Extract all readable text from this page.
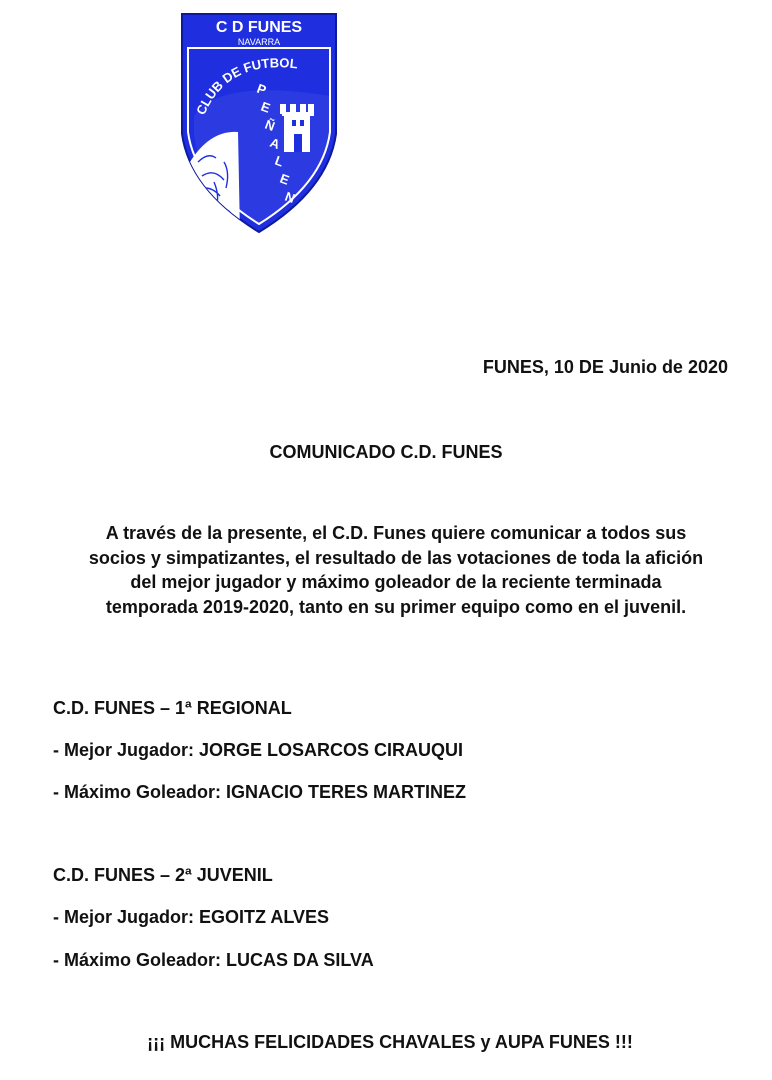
C D FUNES
NAVARRA
CLUB DE FUTBOL
P
E
Ñ
A
L
E
N

FUNES, 10 DE Junio de 2020

COMUNICADO C.D. FUNES

A través de la presente, el C.D. Funes quiere comunicar a todos sus
socios y simpatizantes, el resultado de las votaciones de toda la afición
del mejor jugador y máximo goleador de la reciente terminada
temporada 2019-2020, tanto en su primer equipo como en el juvenil.

C.D. FUNES – 1ª REGIONAL

- Mejor Jugador: JORGE LOSARCOS CIRAUQUI

- Máximo Goleador: IGNACIO TERES MARTINEZ

C.D. FUNES – 2ª JUVENIL

- Mejor Jugador: EGOITZ ALVES

- Máximo Goleador: LUCAS DA SILVA

¡¡¡ MUCHAS FELICIDADES CHAVALES y AUPA FUNES !!!
